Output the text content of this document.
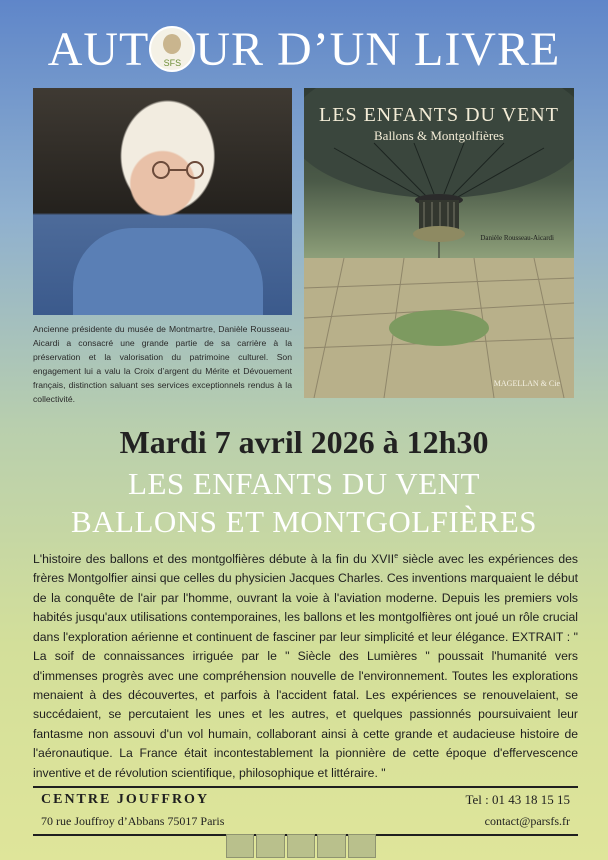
AUT	SFS UR D’UN LIVRE
Ancienne présidente du musée de Montmartre, Danièle Rousseau-Aicardi a consacré une grande partie de sa carrière à la préservation et la valorisation du patrimoine culturel. Son engagement lui a valu la Croix d’argent du Mérite et Dévouement français, distinction saluant ses services exceptionnels rendus à la collectivité.
LES ENFANTS DU VENT
Ballons & Montgolfières
Danièle Rousseau-Aicardi
MAGELLAN & Cie
Mardi 7 avril 2026 à 12h30
LES ENFANTS DU VENT
BALLONS ET MONTGOLFIÈRES
L'histoire des ballons et des montgolfières débute à la fin du XVIIe siècle avec les expériences des frères Montgolfier ainsi que celles du physicien Jacques Charles. Ces inventions marquaient le début de la conquête de l'air par l'homme, ouvrant la voie à l'aviation moderne. Depuis les premiers vols habités jusqu'aux utilisations contemporaines, les ballons et les montgolfières ont joué un rôle crucial dans l'exploration aérienne et continuent de fasciner par leur simplicité et leur élégance. EXTRAIT : " La soif de connaissances irriguée par le " Siècle des Lumières " poussait l'humanité vers d'immenses progrès avec une compréhension nouvelle de l'environnement. Toutes les explorations menaient à des découvertes, et parfois à l'accident fatal. Les expériences se renouvelaient, se succédaient, se percutaient les unes et les autres, et quelques passionnés poursuivaient leur fantasme non assouvi d'un vol humain, collaborant ainsi à cette grande et audacieuse histoire de l'aéronautique. La France était incontestablement la pionnière de cette époque d'effervescence inventive et de révolution scientifique, philosophique et littéraire. "
CENTRE JOUFFROY	Tel : 01 43 18 15 15
70 rue Jouffroy d’Abbans 75017 Paris	contact@parsfs.fr
